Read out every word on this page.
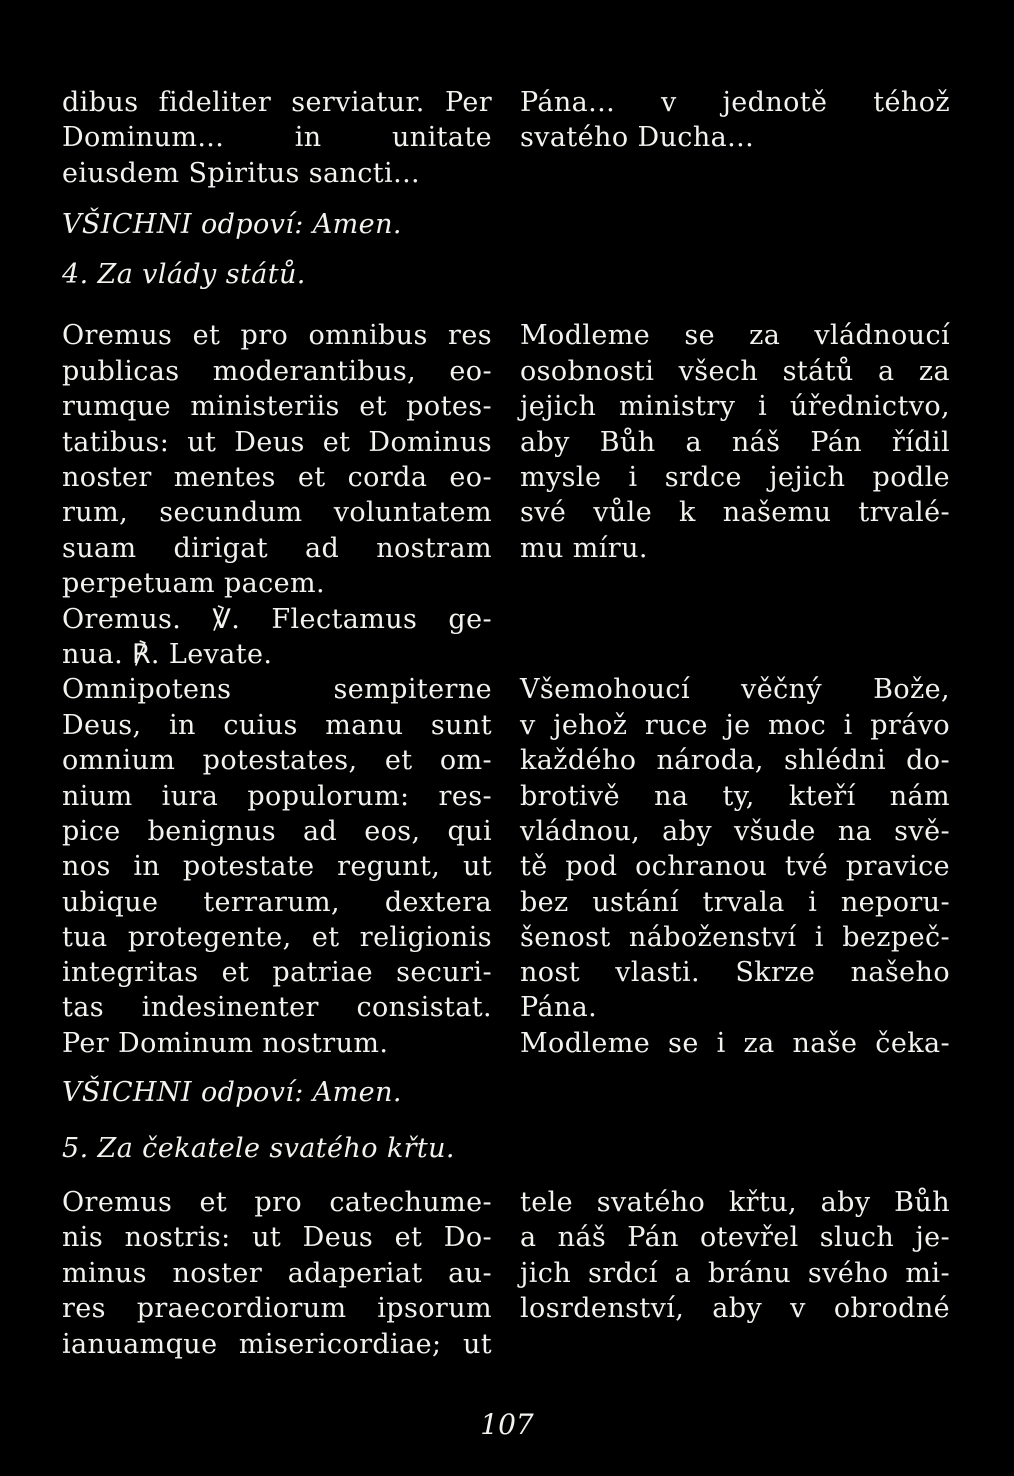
dibus fideliter serviatur. Per
Dominum... in unitate
eiusdem Spiritus sancti...
VŠICHNI odpoví: Amen.
4. Za vlády států.
Oremus et pro omnibus res
publicas moderantibus, eo-
rumque ministeriis et potes-
tatibus: ut Deus et Dominus
noster mentes et corda eo-
rum, secundum voluntatem
suam dirigat ad nostram
perpetuam pacem.
Oremus. ℣. Flectamus ge-
nua. ℟. Levate.
Omnipotens sempiterne
Deus, in cuius manu sunt
omnium potestates, et om-
nium iura populorum: res-
pice benignus ad eos, qui
nos in potestate regunt, ut
ubique terrarum, dextera
tua protegente, et religionis
integritas et patriae securi-
tas indesinenter consistat.
Per Dominum nostrum.
VŠICHNI odpoví: Amen.
5. Za čekatele svatého křtu.
Oremus et pro catechume-
nis nostris: ut Deus et Do-
minus noster adaperiat au-
res praecordiorum ipsorum
ianuamque misericordiae; ut
Pána... v jednotě téhož
svatého Ducha...
Modleme se za vládnoucí
osobnosti všech států a za
jejich ministry i úřednictvo,
aby Bůh a náš Pán řídil
mysle i srdce jejich podle
své vůle k našemu trvalé-
mu míru.
Všemohoucí věčný Bože,
v jehož ruce je moc i právo
každého národa, shlédni do-
brotivě na ty, kteří nám
vládnou, aby všude na svě-
tě pod ochranou tvé pravice
bez ustání trvala i neporu-
šenost náboženství i bezpeč-
nost vlasti. Skrze našeho
Pána.
Modleme se i za naše čeka-
tele svatého křtu, aby Bůh
a náš Pán otevřel sluch je-
jich srdcí a bránu svého mi-
losrdenství, aby v obrodné
107
